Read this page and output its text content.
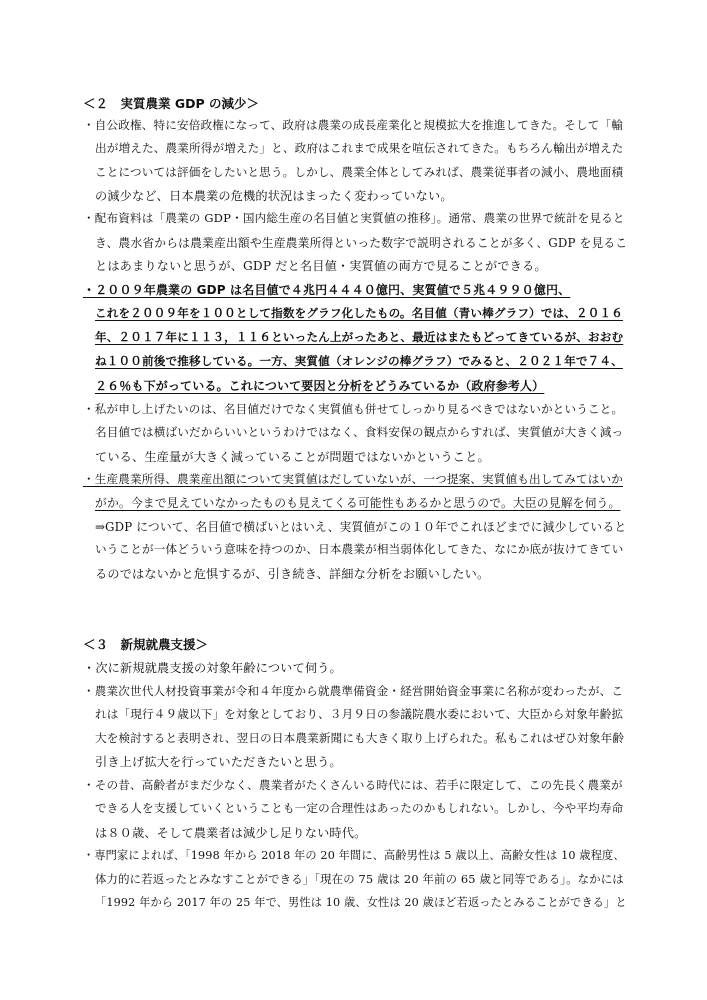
＜２　実質農業 GDP の減少＞
・自公政権、特に安倍政権になって、政府は農業の成長産業化と規模拡大を推進してきた。そして「輸
出が増えた、農業所得が増えた」と、政府はこれまで成果を喧伝されてきた。もちろん輸出が増えた
ことについては評価をしたいと思う。しかし、農業全体としてみれば、農業従事者の減小、農地面積
の減少など、日本農業の危機的状況はまったく変わっていない。
・配布資料は「農業の GDP・国内総生産の名目値と実質値の推移」。通常、農業の世界で統計を見ると
き、農水省からは農業産出額や生産農業所得といった数字で説明されることが多く、GDP を見るこ
とはあまりないと思うが、GDP だと名目値・実質値の両方で見ることができる。
・２００９年農業の GDP は名目値で４兆円４４４０億円、実質値で５兆４９９０億円、
これを２００９年を１００として指数をグラフ化したもの。名目値（青い棒グラフ）では、２０１６
年、２０１７年に１１３，１１６といったん上がったあと、最近はまたもどってきているが、おおむ
ね１００前後で推移している。一方、実質値（オレンジの棒グラフ）でみると、２０２１年で７４、
２６％も下がっている。これについて要因と分析をどうみているか（政府参考人）
・私が申し上げたいのは、名目値だけでなく実質値も併せてしっかり見るべきではないかということ。
名目値では横ばいだからいいというわけではなく、食料安保の観点からすれば、実質値が大きく減っ
ている、生産量が大きく減っていることが問題ではないかということ。
・生産農業所得、農業産出額について実質値はだしていないが、一つ提案、実質値も出してみてはいか
がか。今まで見えていなかったものも見えてくる可能性もあるかと思うので。大臣の見解を伺う。
⇒GDP について、名目値で横ばいとはいえ、実質値がこの１０年でこれほどまでに減少していると
いうことが一体どういう意味を持つのか、日本農業が相当弱体化してきた、なにか底が抜けてきてい
るのではないかと危惧するが、引き続き、詳細な分析をお願いしたい。
＜３　新規就農支援＞
・次に新規就農支援の対象年齢について伺う。
・農業次世代人材投資事業が令和４年度から就農準備資金・経営開始資金事業に名称が変わったが、こ
れは「現行４９歳以下」を対象としており、３月９日の参議院農水委において、大臣から対象年齢拡
大を検討すると表明され、翌日の日本農業新聞にも大きく取り上げられた。私もこれはぜひ対象年齢
引き上げ拡大を行っていただきたいと思う。
・その昔、高齢者がまだ少なく、農業者がたくさんいる時代には、若手に限定して、この先長く農業が
できる人を支援していくということも一定の合理性はあったのかもしれない。しかし、今や平均寿命
は８０歳、そして農業者は減少し足りない時代。
・専門家によれば、「1998 年から 2018 年の 20 年間に、高齢男性は 5 歳以上、高齢女性は 10 歳程度、
体力的に若返ったとみなすことができる」「現在の 75 歳は 20 年前の 65 歳と同等である」。なかには
「1992 年から 2017 年の 25 年で、男性は 10 歳、女性は 20 歳ほど若返ったとみることができる」と
